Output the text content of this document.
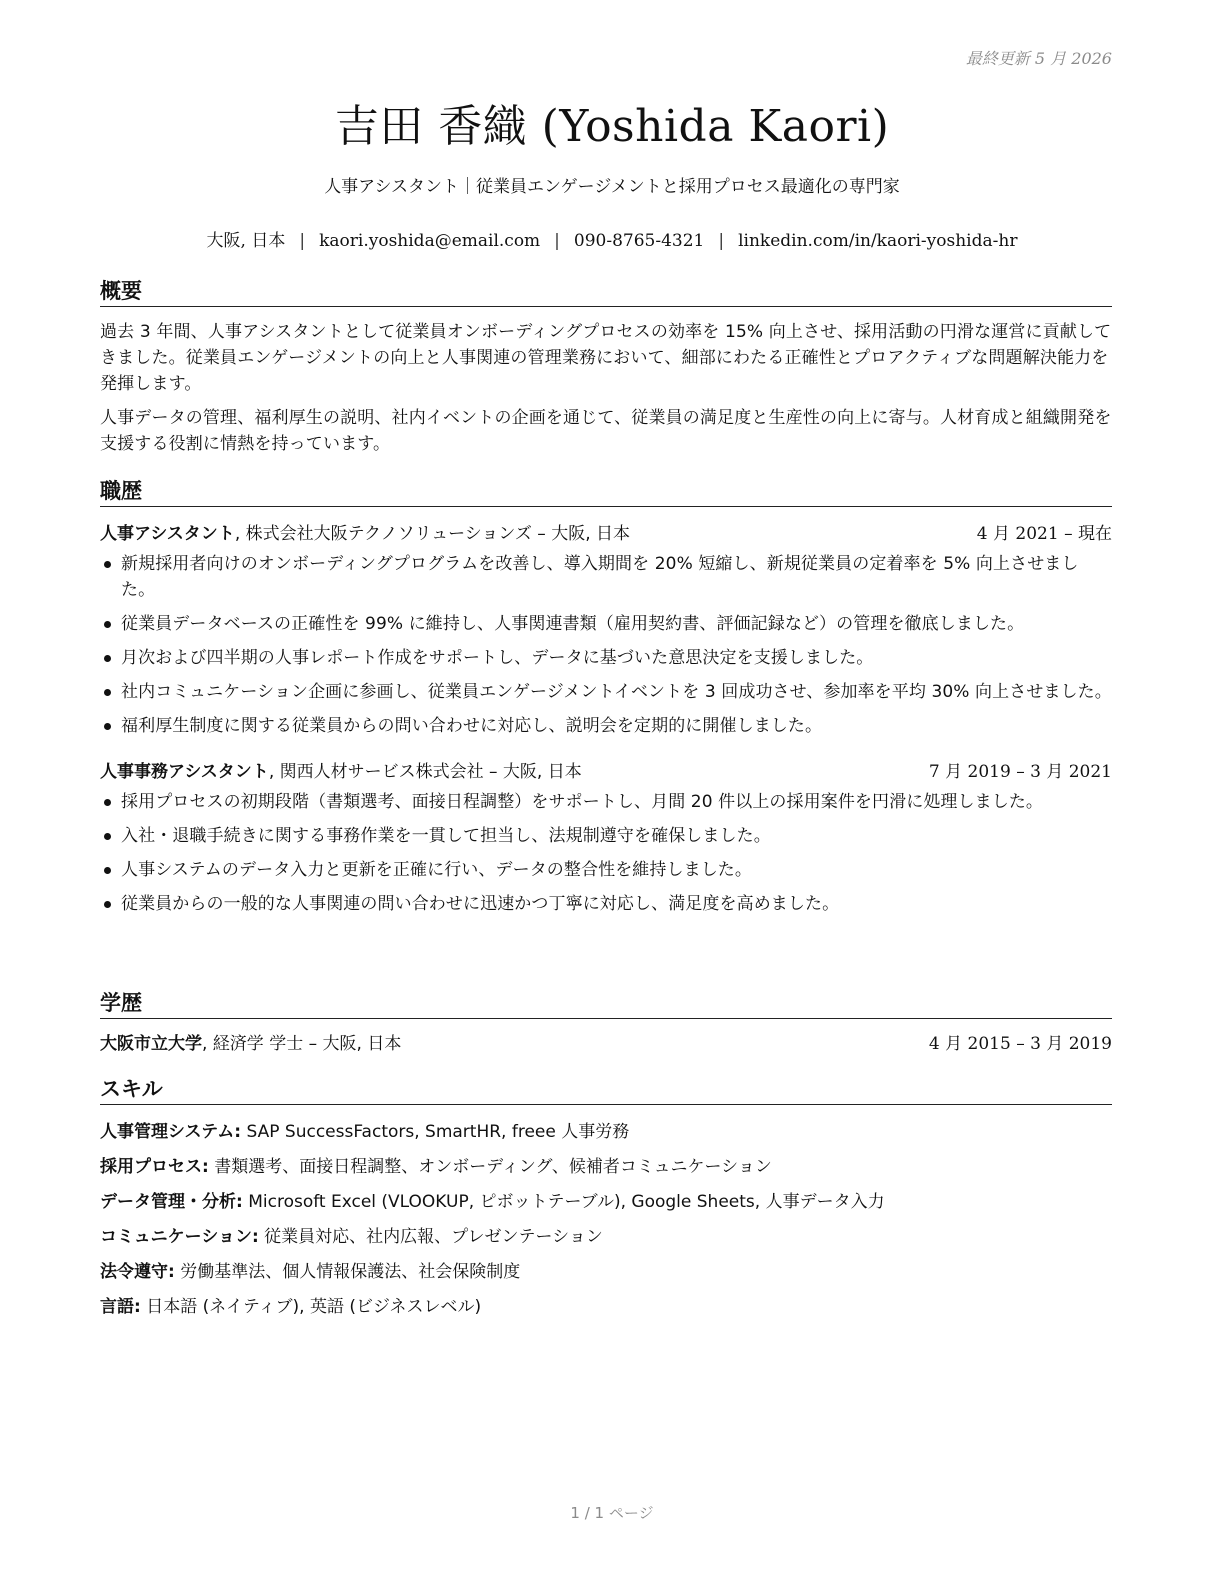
最終更新 5 月 2026
吉田 香織 (Yoshida Kaori)
人事アシスタント｜従業員エンゲージメントと採用プロセス最適化の専門家
大阪, 日本 | kaori.yoshida@email.com | 090-8765-4321 | linkedin.com/in/kaori-yoshida-hr
概要

過去 3 年間、人事アシスタントとして従業員オンボーディングプロセスの効率を 15% 向上させ、採用活動の円滑な運営に貢献してきました。従業員エンゲージメントの向上と人事関連の管理業務において、細部にわたる正確性とプロアクティブな問題解決能力を発揮します。

人事データの管理、福利厚生の説明、社内イベントの企画を通じて、従業員の満足度と生産性の向上に寄与。人材育成と組織開発を支援する役割に情熱を持っています。

職歴
人事アシスタント, 株式会社大阪テクノソリューションズ – 大阪, 日本	4 月 2021 – 現在
新規採用者向けのオンボーディングプログラムを改善し、導入期間を 20% 短縮し、新規従業員の定着率を 5% 向上させました。
従業員データベースの正確性を 99% に維持し、人事関連書類（雇用契約書、評価記録など）の管理を徹底しました。
月次および四半期の人事レポート作成をサポートし、データに基づいた意思決定を支援しました。
社内コミュニケーション企画に参画し、従業員エンゲージメントイベントを 3 回成功させ、参加率を平均 30% 向上させました。
福利厚生制度に関する従業員からの問い合わせに対応し、説明会を定期的に開催しました。
人事事務アシスタント, 関西人材サービス株式会社 – 大阪, 日本	7 月 2019 – 3 月 2021
採用プロセスの初期段階（書類選考、面接日程調整）をサポートし、月間 20 件以上の採用案件を円滑に処理しました。
入社・退職手続きに関する事務作業を一貫して担当し、法規制遵守を確保しました。
人事システムのデータ入力と更新を正確に行い、データの整合性を維持しました。
従業員からの一般的な人事関連の問い合わせに迅速かつ丁寧に対応し、満足度を高めました。
学歴
大阪市立大学, 経済学 学士 – 大阪, 日本	4 月 2015 – 3 月 2019
スキル
人事管理システム: SAP SuccessFactors, SmartHR, freee 人事労務
採用プロセス: 書類選考、面接日程調整、オンボーディング、候補者コミュニケーション
データ管理・分析: Microsoft Excel (VLOOKUP, ピボットテーブル), Google Sheets, 人事データ入力
コミュニケーション: 従業員対応、社内広報、プレゼンテーション
法令遵守: 労働基準法、個人情報保護法、社会保険制度
言語: 日本語 (ネイティブ), 英語 (ビジネスレベル)
1 / 1 ページ
